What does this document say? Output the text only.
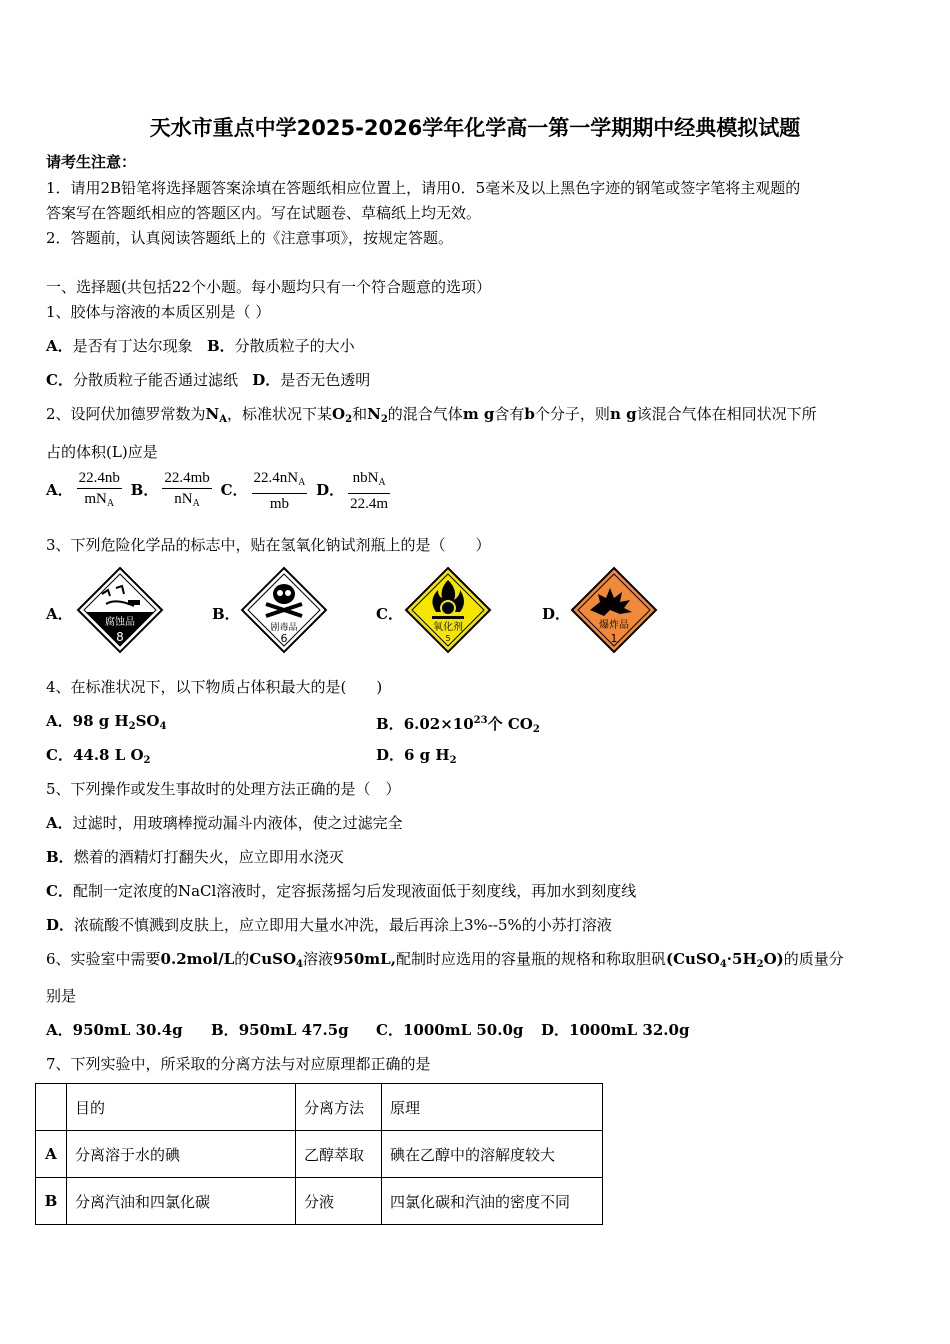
天水市重点中学2025-2026学年化学高一第一学期期中经典模拟试题
请考生注意：
1．请用2B铅笔将选择题答案涂填在答题纸相应位置上，请用0．5毫米及以上黑色字迹的钢笔或签字笔将主观题的
答案写在答题纸相应的答题区内。写在试题卷、草稿纸上均无效。
2．答题前，认真阅读答题纸上的《注意事项》，按规定答题。
一、选择题(共包括22个小题。每小题均只有一个符合题意的选项）
1、胶体与溶液的本质区别是（ ）
A．是否有丁达尔现象 B．分散质粒子的大小
C．分散质粒子能否通过滤纸 D．是否无色透明
2、设阿伏加德罗常数为$N_A$，标准状况下某$O_2$和$N_2$的混合气体m g含有b个分子，则n g该混合气体在相同状况下所
占的体积(L)应是
A． $\frac{22.4nb}{mN_A}$ B． $\frac{22.4mb}{nN_A}$ C． $\frac{22.4nN_A}{mb}$ D． $\frac{nbN_A}{22.4m}$
3、下列危险化学品的标志中，贴在氢氧化钠试剂瓶上的是（　　）
A．	腐蚀品
8
B．
剧毒品
6
C．
氧化剂
5
D．
爆炸品
1
4、在标准状况下，以下物质占体积最大的是(　　)
A．98 g $H_2SO_4$	B．$6.02\times 10^{23}$个 $CO_2$
C．44.8 L $O_2$	D．6 g $H_2$
5、下列操作或发生事故时的处理方法正确的是（　）
A．过滤时，用玻璃棒搅动漏斗内液体，使之过滤完全
B．燃着的酒精灯打翻失火，应立即用水浇灭
C．配制一定浓度的NaCl溶液时，定容振荡摇匀后发现液面低于刻度线，再加水到刻度线
D．浓硫酸不慎溅到皮肤上，应立即用大量水冲洗，最后再涂上3%--5%的小苏打溶液
6、实验室中需要0.2mol/L的CuSO$_4$溶液950mL,配制时应选用的容量瓶的规格和称取胆矾$(CuSO_4\cdot 5H_2O)$的质量分
别是
A．950mL 30.4g B．950mL 47.5g C．1000mL 50.0g D．1000mL 32.0g
7、下列实验中，所采取的分离方法与对应原理都正确的是
	目的	分离方法	原理
A	分离溶于水的碘	乙醇萃取	碘在乙醇中的溶解度较大
B	分离汽油和四氯化碳	分液	四氯化碳和汽油的密度不同
